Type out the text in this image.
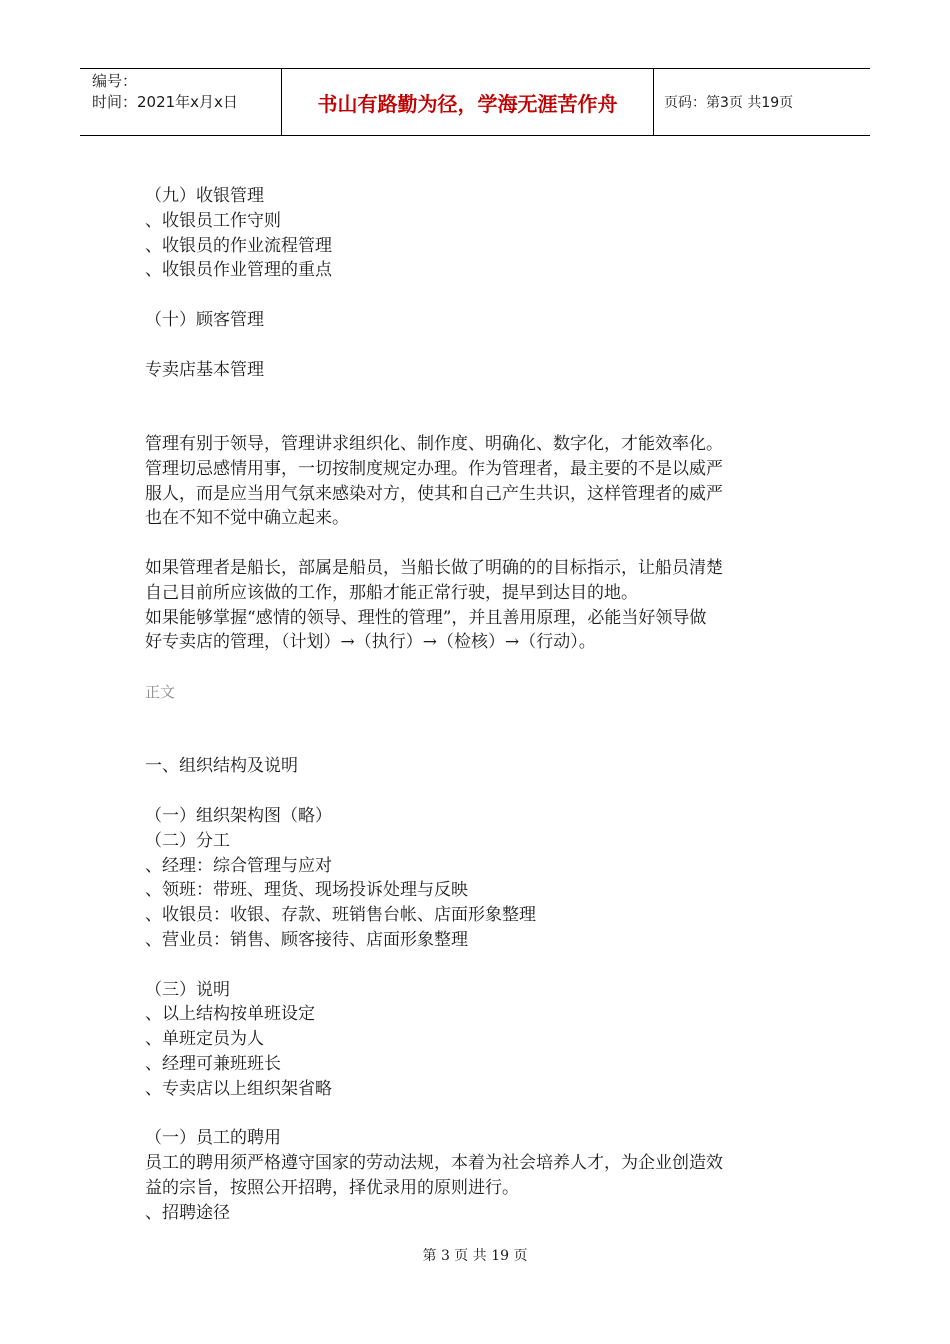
编号：
时间：2021年x月x日	书山有路勤为径，学海无涯苦作舟	页码：第3页 共19页
（九）收银管理
、收银员工作守则
、收银员的作业流程管理
、收银员作业管理的重点
（十）顾客管理
专卖店基本管理
管理有别于领导，管理讲求组织化、制作度、明确化、数字化，才能效率化。
管理切忌感情用事，一切按制度规定办理。作为管理者，最主要的不是以威严
服人，而是应当用气氛来感染对方，使其和自己产生共识，这样管理者的威严
也在不知不觉中确立起来。
如果管理者是船长，部属是船员，当船长做了明确的的目标指示，让船员清楚
自己目前所应该做的工作，那船才能正常行驶，提早到达目的地。
如果能够掌握“感情的领导、理性的管理”，并且善用原理，必能当好领导做
好专卖店的管理，（计划）→（执行）→（检核）→（行动）。
正文
一、组织结构及说明
（一）组织架构图（略）
（二）分工
、经理：综合管理与应对
、领班：带班、理货、现场投诉处理与反映
、收银员：收银、存款、班销售台帐、店面形象整理
、营业员：销售、顾客接待、店面形象整理
（三）说明
、以上结构按单班设定
、单班定员为人
、经理可兼班班长
、专卖店以上组织架省略
（一）员工的聘用
员工的聘用须严格遵守国家的劳动法规，本着为社会培养人才，为企业创造效
益的宗旨，按照公开招聘，择优录用的原则进行。
、招聘途径
第 3 页 共 19 页
